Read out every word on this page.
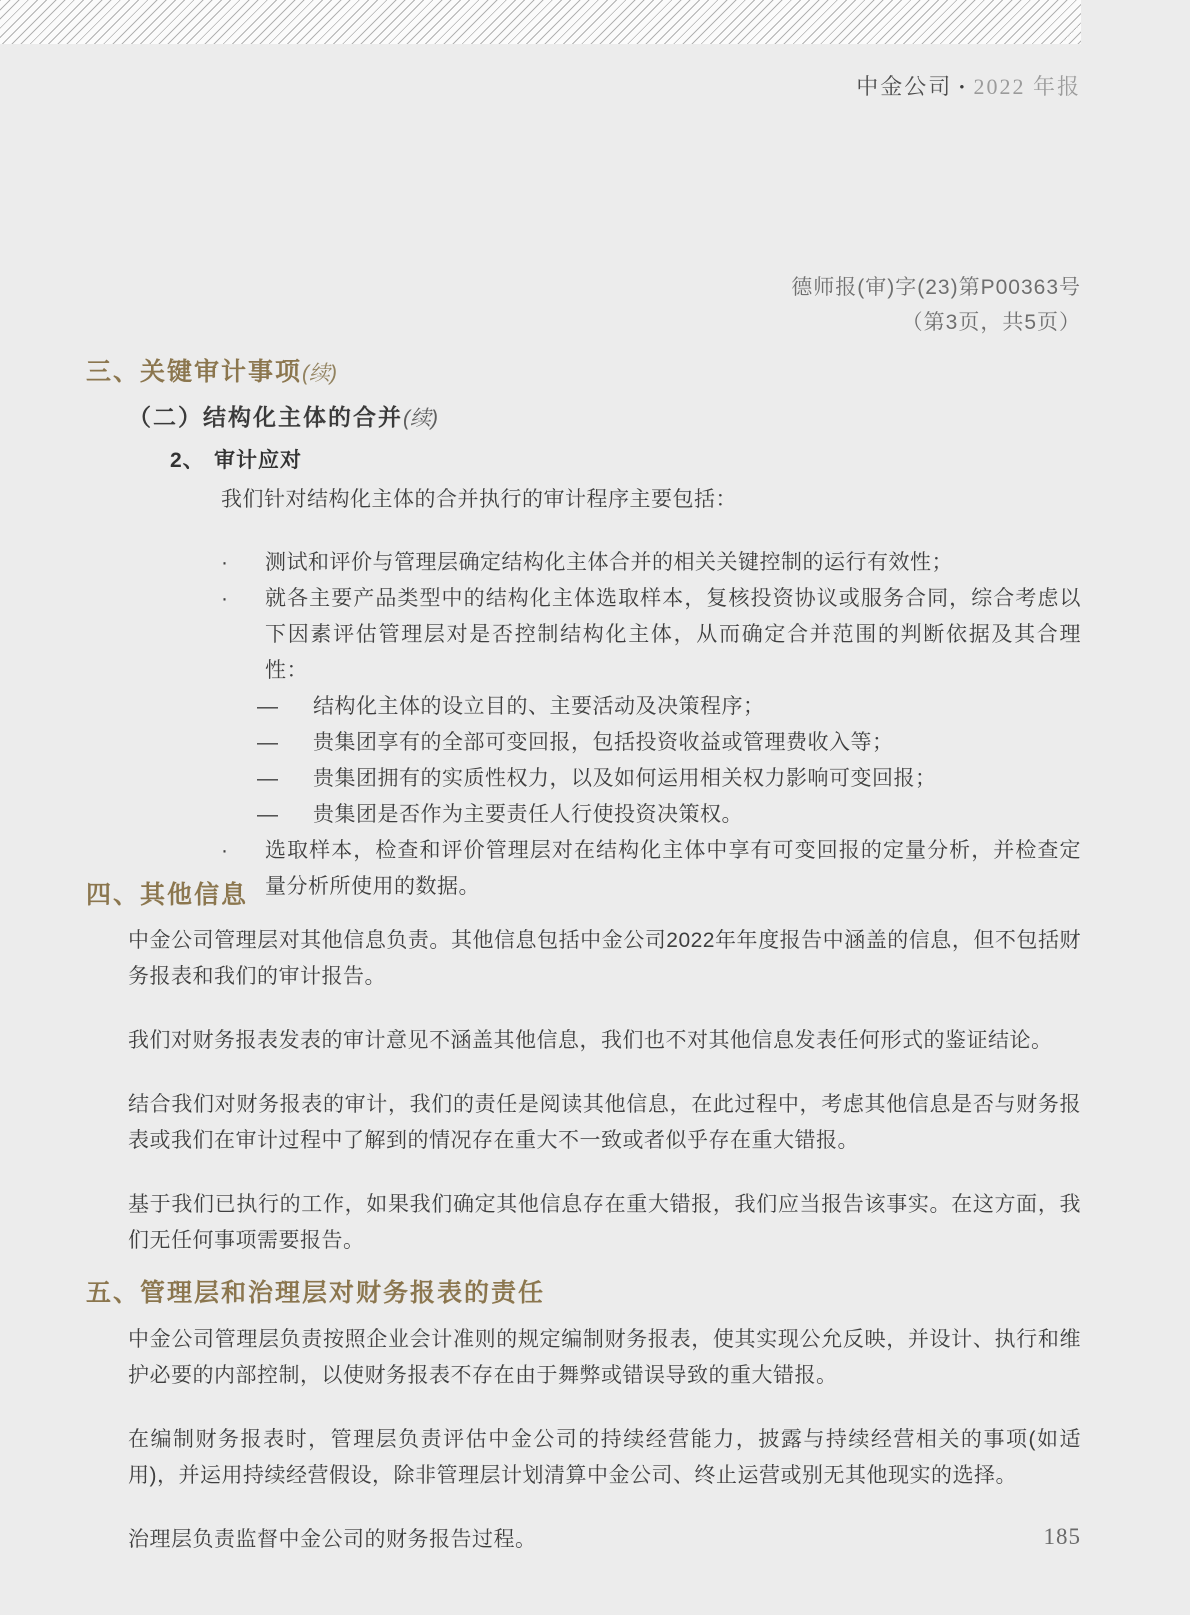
中金公司 • 2022 年报
德师报(审)字(23)第P00363号
（第3页，共5页）
三、关键审计事项(续)
（二）结构化主体的合并(续)
2、 审计应对
我们针对结构化主体的合并执行的审计程序主要包括：
·	测试和评价与管理层确定结构化主体合并的相关关键控制的运行有效性；
·	就各主要产品类型中的结构化主体选取样本，复核投资协议或服务合同，综合考虑以下因素评估管理层对是否控制结构化主体，从而确定合并范围的判断依据及其合理性：
—	结构化主体的设立目的、主要活动及决策程序；
—	贵集团享有的全部可变回报，包括投资收益或管理费收入等；
—	贵集团拥有的实质性权力，以及如何运用相关权力影响可变回报；
—	贵集团是否作为主要责任人行使投资决策权。
·	选取样本，检查和评价管理层对在结构化主体中享有可变回报的定量分析，并检查定量分析所使用的数据。
四、其他信息
中金公司管理层对其他信息负责。其他信息包括中金公司2022年年度报告中涵盖的信息，但不包括财务报表和我们的审计报告。
我们对财务报表发表的审计意见不涵盖其他信息，我们也不对其他信息发表任何形式的鉴证结论。
结合我们对财务报表的审计，我们的责任是阅读其他信息，在此过程中，考虑其他信息是否与财务报表或我们在审计过程中了解到的情况存在重大不一致或者似乎存在重大错报。
基于我们已执行的工作，如果我们确定其他信息存在重大错报，我们应当报告该事实。在这方面，我们无任何事项需要报告。
五、管理层和治理层对财务报表的责任
中金公司管理层负责按照企业会计准则的规定编制财务报表，使其实现公允反映，并设计、执行和维护必要的内部控制，以使财务报表不存在由于舞弊或错误导致的重大错报。
在编制财务报表时，管理层负责评估中金公司的持续经营能力，披露与持续经营相关的事项(如适用)，并运用持续经营假设，除非管理层计划清算中金公司、终止运营或别无其他现实的选择。
治理层负责监督中金公司的财务报告过程。	185
